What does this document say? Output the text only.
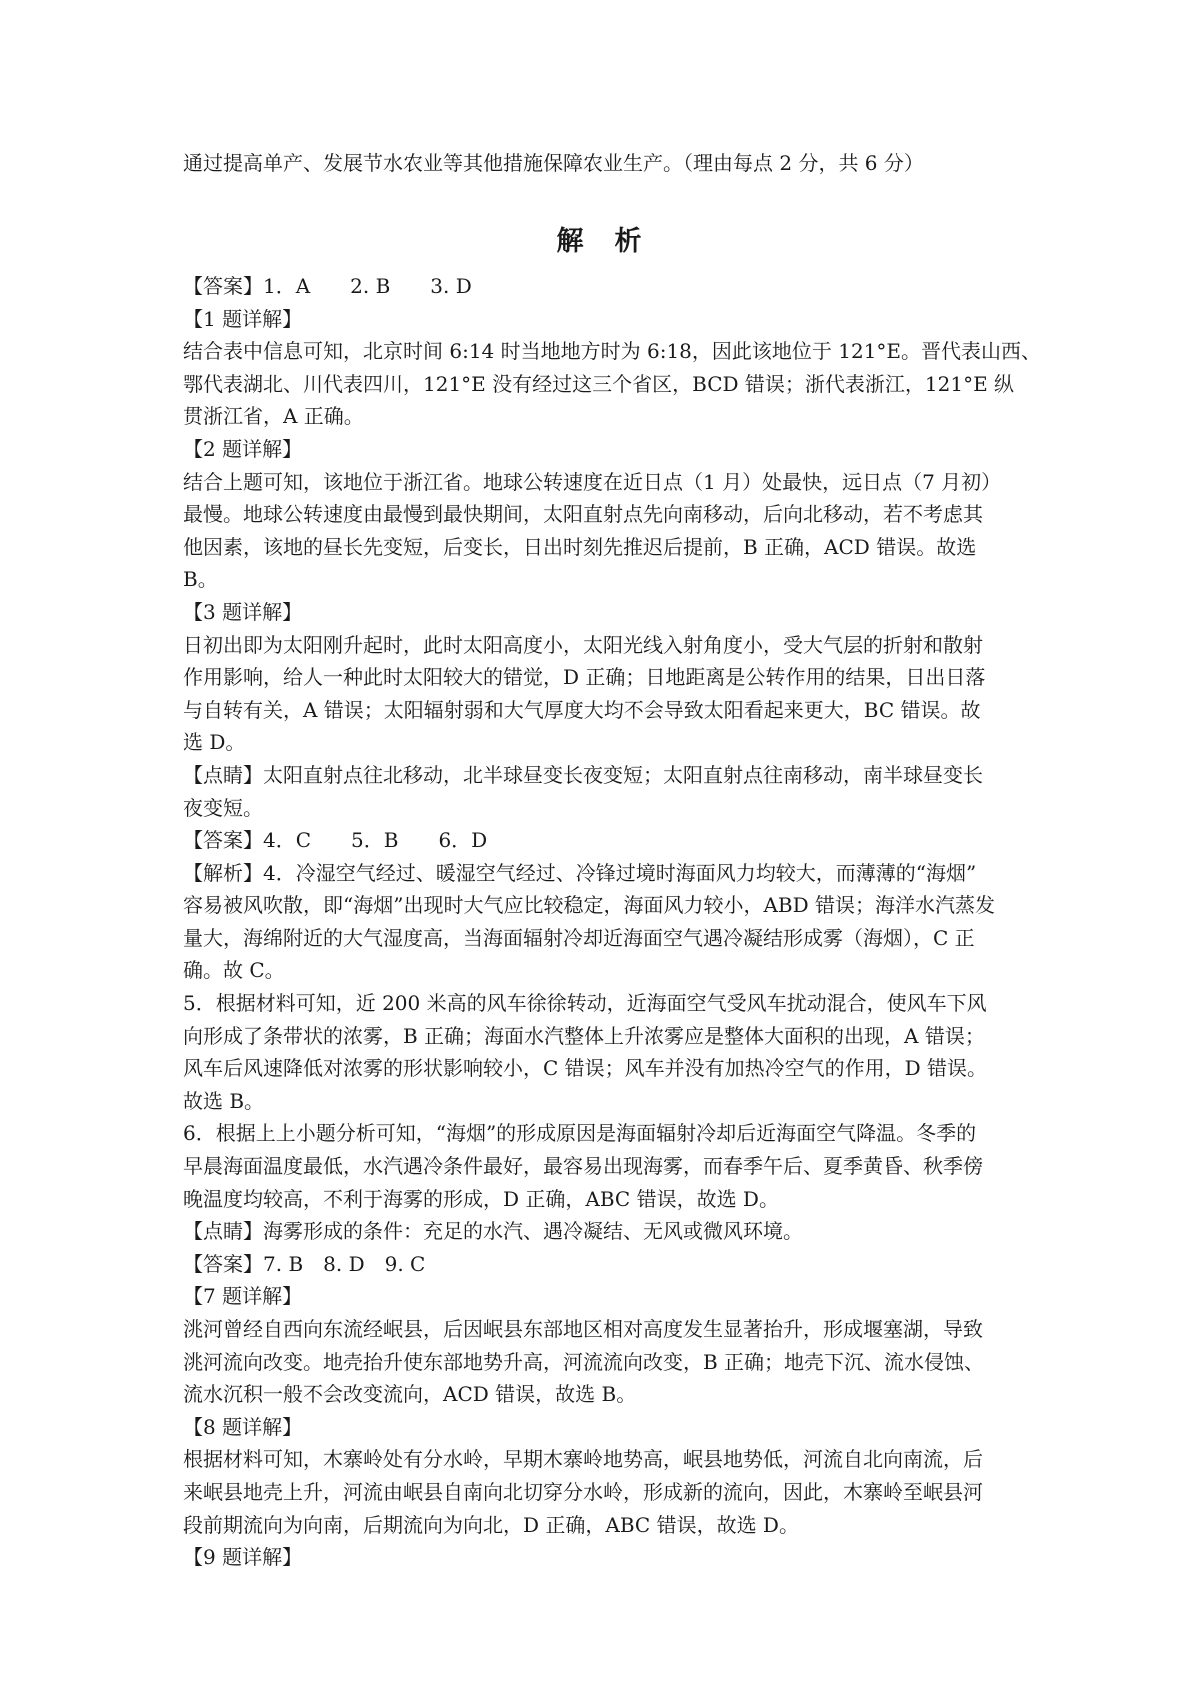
通过提高单产、发展节水农业等其他措施保障农业生产。（理由每点 2 分，共 6 分）
解　析
【答案】1．A　　2. B　　3. D
【1 题详解】
结合表中信息可知，北京时间 6:14 时当地地方时为 6:18，因此该地位于 121°E。晋代表山西、
鄂代表湖北、川代表四川，121°E 没有经过这三个省区，BCD 错误；浙代表浙江，121°E 纵
贯浙江省，A 正确。
【2 题详解】
结合上题可知，该地位于浙江省。地球公转速度在近日点（1 月）处最快，远日点（7 月初）
最慢。地球公转速度由最慢到最快期间，太阳直射点先向南移动，后向北移动，若不考虑其
他因素，该地的昼长先变短，后变长，日出时刻先推迟后提前，B 正确，ACD 错误。故选
B。
【3 题详解】
日初出即为太阳刚升起时，此时太阳高度小，太阳光线入射角度小，受大气层的折射和散射
作用影响，给人一种此时太阳较大的错觉，D 正确；日地距离是公转作用的结果，日出日落
与自转有关，A 错误；太阳辐射弱和大气厚度大均不会导致太阳看起来更大，BC 错误。故
选 D。
【点睛】太阳直射点往北移动，北半球昼变长夜变短；太阳直射点往南移动，南半球昼变长
夜变短。
【答案】4．C　　5．B　　6．D
【解析】4．冷湿空气经过、暖湿空气经过、冷锋过境时海面风力均较大，而薄薄的“海烟”
容易被风吹散，即“海烟”出现时大气应比较稳定，海面风力较小，ABD 错误；海洋水汽蒸发
量大，海绵附近的大气湿度高，当海面辐射冷却近海面空气遇冷凝结形成雾（海烟），C 正
确。故 C。
5．根据材料可知，近 200 米高的风车徐徐转动，近海面空气受风车扰动混合，使风车下风
向形成了条带状的浓雾，B 正确；海面水汽整体上升浓雾应是整体大面积的出现，A 错误；
风车后风速降低对浓雾的形状影响较小，C 错误；风车并没有加热冷空气的作用，D 错误。
故选 B。
6．根据上上小题分析可知，“海烟”的形成原因是海面辐射冷却后近海面空气降温。冬季的
早晨海面温度最低，水汽遇冷条件最好，最容易出现海雾，而春季午后、夏季黄昏、秋季傍
晚温度均较高，不利于海雾的形成，D 正确，ABC 错误，故选 D。
【点睛】海雾形成的条件：充足的水汽、遇冷凝结、无风或微风环境。
【答案】7. B　8. D　9. C
【7 题详解】
洮河曾经自西向东流经岷县，后因岷县东部地区相对高度发生显著抬升，形成堰塞湖，导致
洮河流向改变。地壳抬升使东部地势升高，河流流向改变，B 正确；地壳下沉、流水侵蚀、
流水沉积一般不会改变流向，ACD 错误，故选 B。
【8 题详解】
根据材料可知，木寨岭处有分水岭，早期木寨岭地势高，岷县地势低，河流自北向南流，后
来岷县地壳上升，河流由岷县自南向北切穿分水岭，形成新的流向，因此，木寨岭至岷县河
段前期流向为向南，后期流向为向北，D 正确，ABC 错误，故选 D。
【9 题详解】
